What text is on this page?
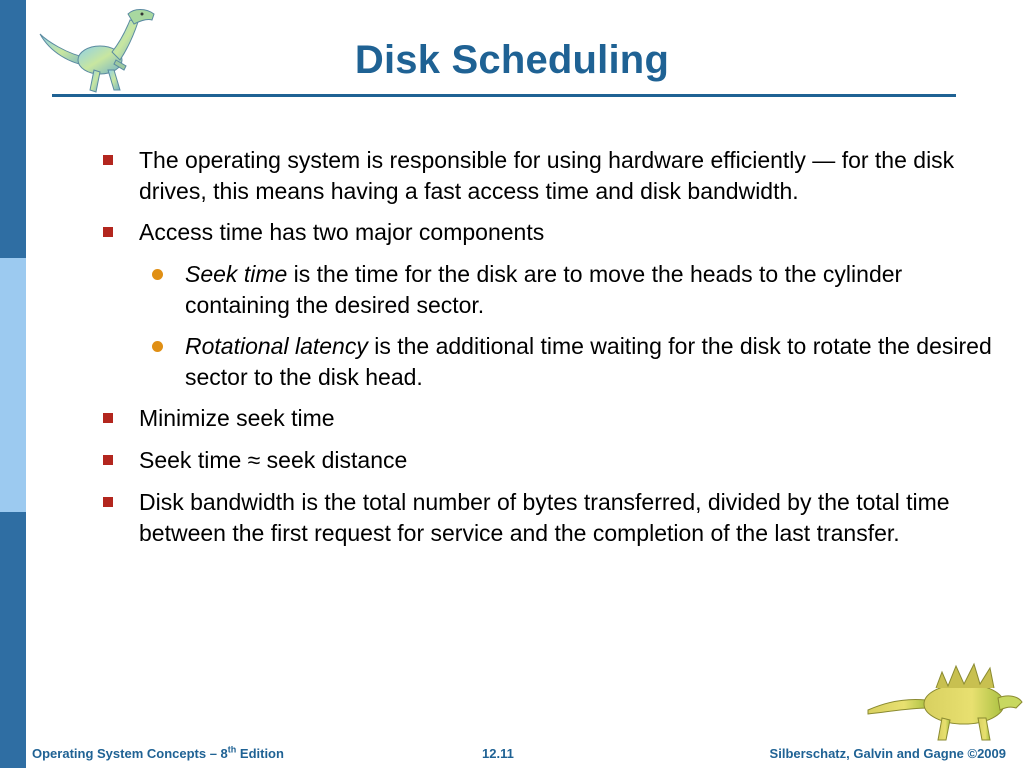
Disk Scheduling
The operating system is responsible for using hardware efficiently — for the disk drives, this means having a fast access time and disk bandwidth.
Access time has two major components
Seek time is the time for the disk are to move the heads to the cylinder containing the desired sector.
Rotational latency is the additional time waiting for the disk to rotate the desired sector to the disk head.
Minimize seek time
Seek time ≈ seek distance
Disk bandwidth is the total number of bytes transferred, divided by the total time between the first request for service and the completion of the last transfer.
Operating System Concepts – 8th Edition	12.11	Silberschatz, Galvin and Gagne ©2009
